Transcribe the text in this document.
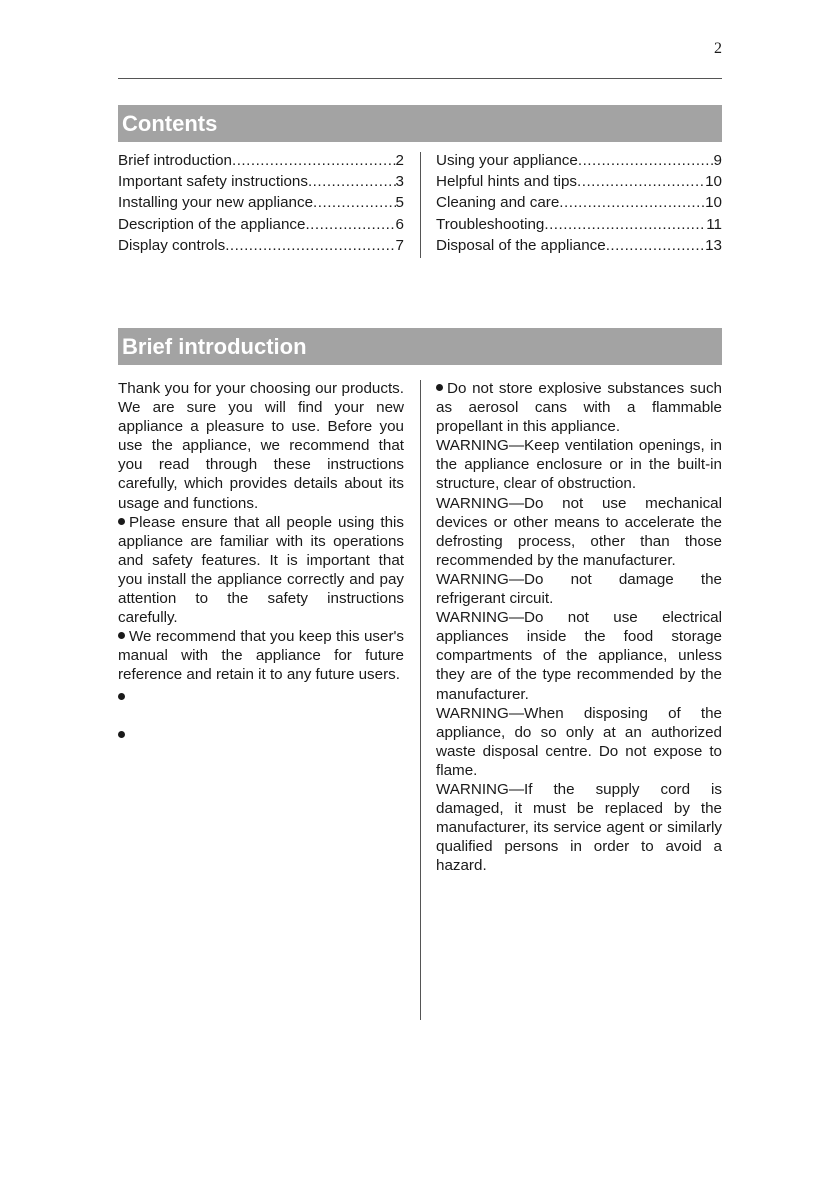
2
Contents
Brief introduction .....	2
Important safety instructions .....	3
Installing your new appliance .....	5
Description of the appliance .....	6
Display controls .....	7
Using your appliance .....	9
Helpful hints and tips .....	10
Cleaning and care .....	10
Troubleshooting .....	11
Disposal of the appliance .....	13
Brief introduction

Thank you for your choosing our products. We are sure you will find your new appliance a pleasure to use. Before you use the appliance, we recommend that you read through these instructions carefully, which provides details about its usage and functions.

Please ensure that all people using this appliance are familiar with its operations and safety features. It is important that you install the appliance correctly and pay attention to the safety instructions carefully.

We recommend that you keep this user's manual with the appliance for future reference and retain it to any future users.

Do not store explosive substances such as aerosol cans with a flammable propellant in this appliance.

WARNING—Keep ventilation openings, in the appliance enclosure or in the built-in structure, clear of obstruction.

WARNING—Do not use mechanical devices or other means to accelerate the defrosting process, other than those recommended by the manufacturer.

WARNING—Do not damage the refrigerant circuit.

WARNING—Do not use electrical appliances inside the food storage compartments of the appliance, unless they are of the type recommended by the manufacturer.

WARNING—When disposing of the appliance, do so only at an authorized waste disposal centre. Do not expose to flame.

WARNING—If the supply cord is damaged, it must be replaced by the manufacturer, its service agent or similarly qualified persons in order to avoid a hazard.
